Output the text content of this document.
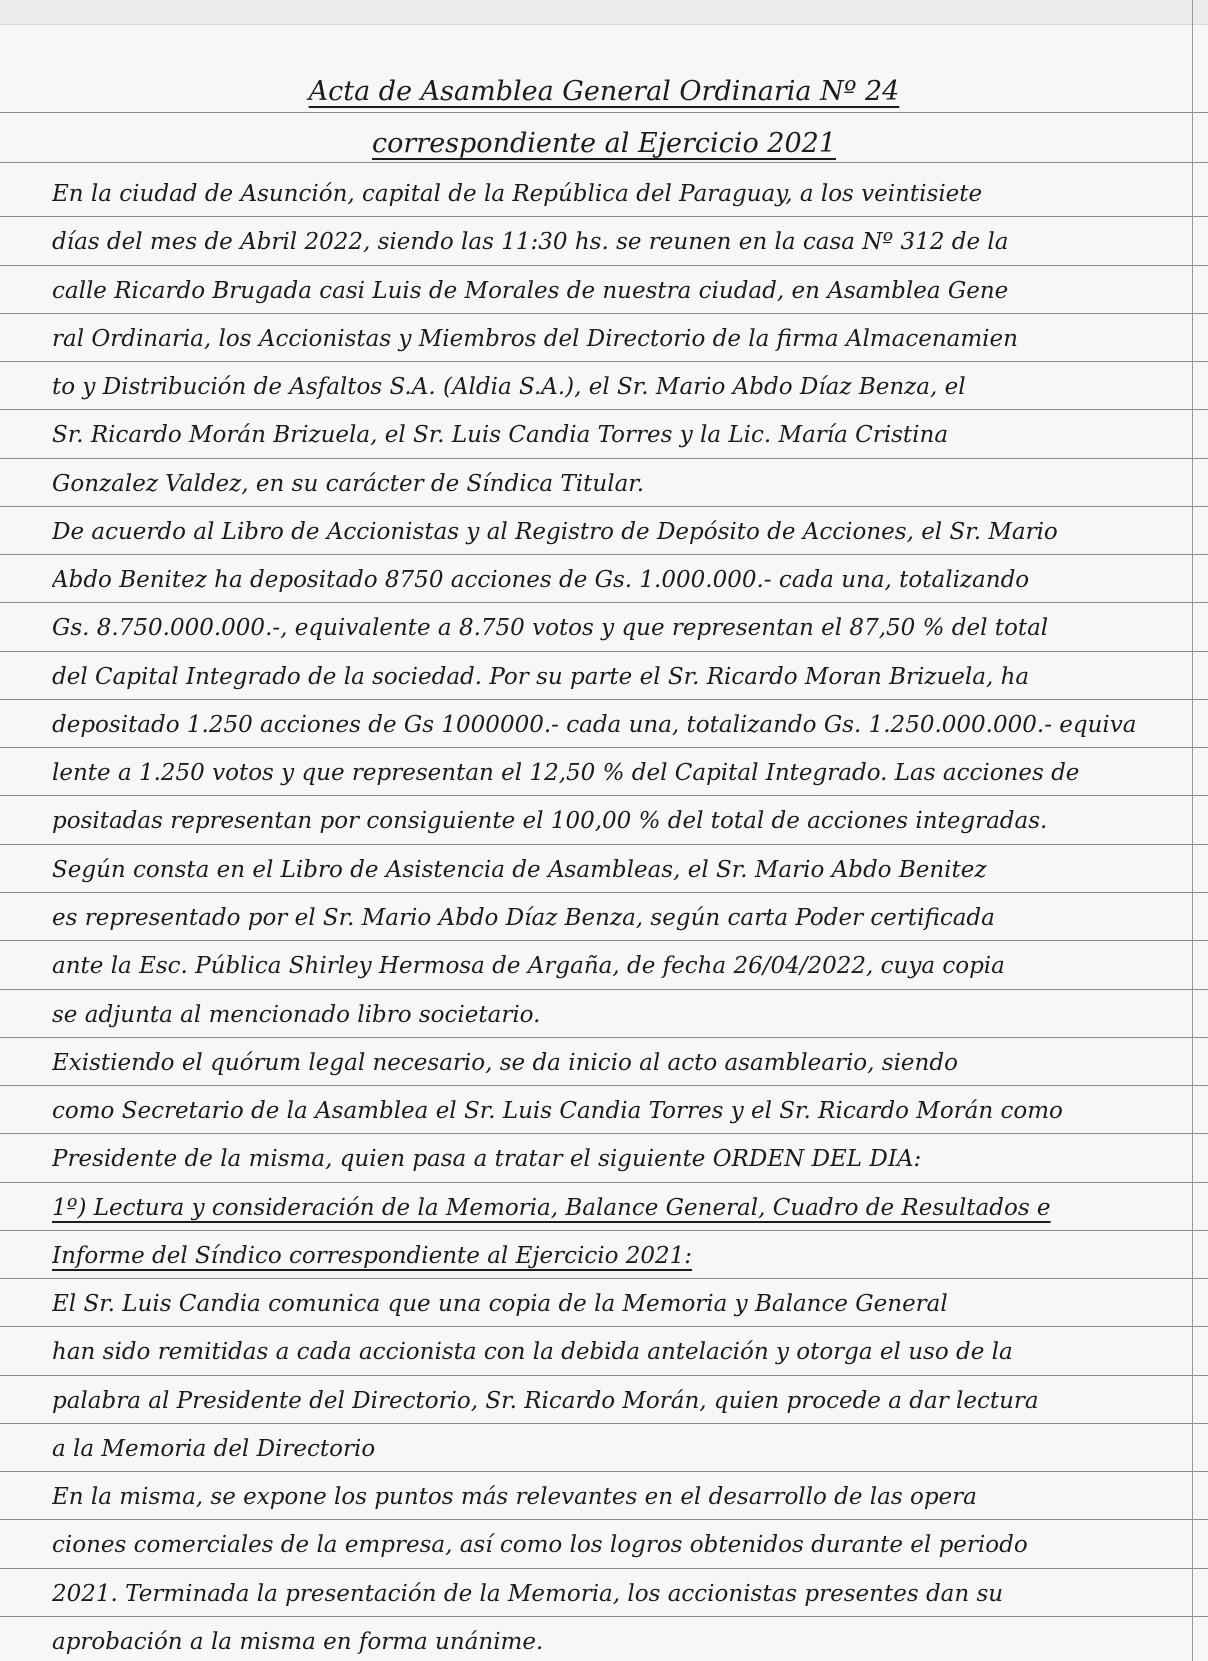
Acta de Asamblea General Ordinaria Nº 24
correspondiente al Ejercicio 2021
En la ciudad de Asunción, capital de la República del Paraguay, a los veintisiete
días del mes de Abril 2022, siendo las 11:30 hs. se reunen en la casa Nº 312 de la
calle Ricardo Brugada casi Luis de Morales de nuestra ciudad, en Asamblea Gene
ral Ordinaria, los Accionistas y Miembros del Directorio de la firma Almacenamien
to y Distribución de Asfaltos S.A. (Aldia S.A.), el Sr. Mario Abdo Díaz Benza, el
Sr. Ricardo Morán Brizuela, el Sr. Luis Candia Torres y la Lic. María Cristina
Gonzalez Valdez, en su carácter de Síndica Titular.
De acuerdo al Libro de Accionistas y al Registro de Depósito de Acciones, el Sr. Mario
Abdo Benitez ha depositado 8750 acciones de Gs. 1.000.000.- cada una, totalizando
Gs. 8.750.000.000.-, equivalente a 8.750 votos y que representan el 87,50 % del total
del Capital Integrado de la sociedad. Por su parte el Sr. Ricardo Moran Brizuela, ha
depositado 1.250 acciones de Gs 1000000.- cada una, totalizando Gs. 1.250.000.000.- equiva
lente a 1.250 votos y que representan el 12,50 % del Capital Integrado. Las acciones de
positadas representan por consiguiente el 100,00 % del total de acciones integradas.
Según consta en el Libro de Asistencia de Asambleas, el Sr. Mario Abdo Benitez
es representado por el Sr. Mario Abdo Díaz Benza, según carta Poder certificada
ante la Esc. Pública Shirley Hermosa de Argaña, de fecha 26/04/2022, cuya copia
se adjunta al mencionado libro societario.
Existiendo el quórum legal necesario, se da inicio al acto asambleario, siendo
como Secretario de la Asamblea el Sr. Luis Candia Torres y el Sr. Ricardo Morán como
Presidente de la misma, quien pasa a tratar el siguiente ORDEN DEL DIA:
1º) Lectura y consideración de la Memoria, Balance General, Cuadro de Resultados e
Informe del Síndico correspondiente al Ejercicio 2021:
El Sr. Luis Candia comunica que una copia de la Memoria y Balance General
han sido remitidas a cada accionista con la debida antelación y otorga el uso de la
palabra al Presidente del Directorio, Sr. Ricardo Morán, quien procede a dar lectura
a la Memoria del Directorio
En la misma, se expone los puntos más relevantes en el desarrollo de las opera
ciones comerciales de la empresa, así como los logros obtenidos durante el periodo
2021. Terminada la presentación de la Memoria, los accionistas presentes dan su
aprobación a la misma en forma unánime.
